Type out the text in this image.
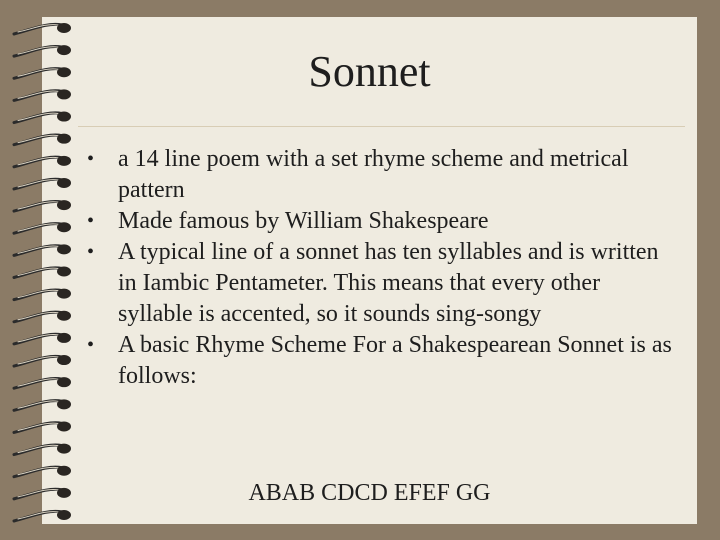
Sonnet
• a 14 line poem with a set rhyme scheme and metrical pattern
• Made famous by William Shakespeare
• A typical line of a sonnet has ten syllables and is written in Iambic Pentameter. This means that every other syllable is accented, so it sounds sing-songy
• A basic Rhyme Scheme For a Shakespearean Sonnet is as follows:
ABAB CDCD EFEF GG
